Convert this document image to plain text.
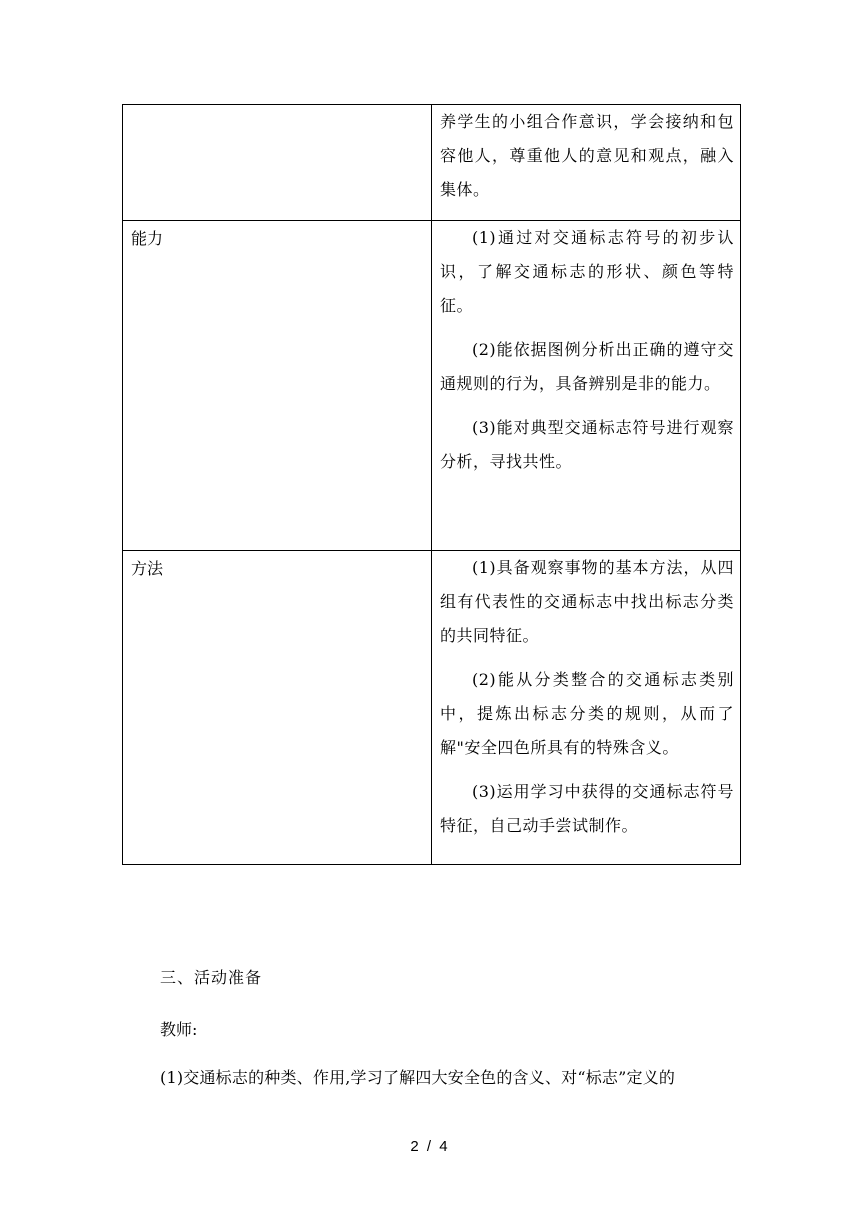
	养学生的小组合作意识，学会接纳和包容他人，尊重他人的意见和观点，融入集体。

能力	(1)通过对交通标志符号的初步认识，了解交通标志的形状、颜色等特征。

(2)能依据图例分析出正确的遵守交通规则的行为，具备辨别是非的能力。

(3)能对典型交通标志符号进行观察分析，寻找共性。

方法	(1)具备观察事物的基本方法，从四组有代表性的交通标志中找出标志分类的共同特征。

(2)能从分类整合的交通标志类别中，提炼出标志分类的规则，从而了解"安全四色所具有的特殊含义。

(3)运用学习中获得的交通标志符号特征，自己动手尝试制作。

三、活动准备
教师:
(1)交通标志的种类、作用,学习了解四大安全色的含义、对“标志”定义的
2 / 4
